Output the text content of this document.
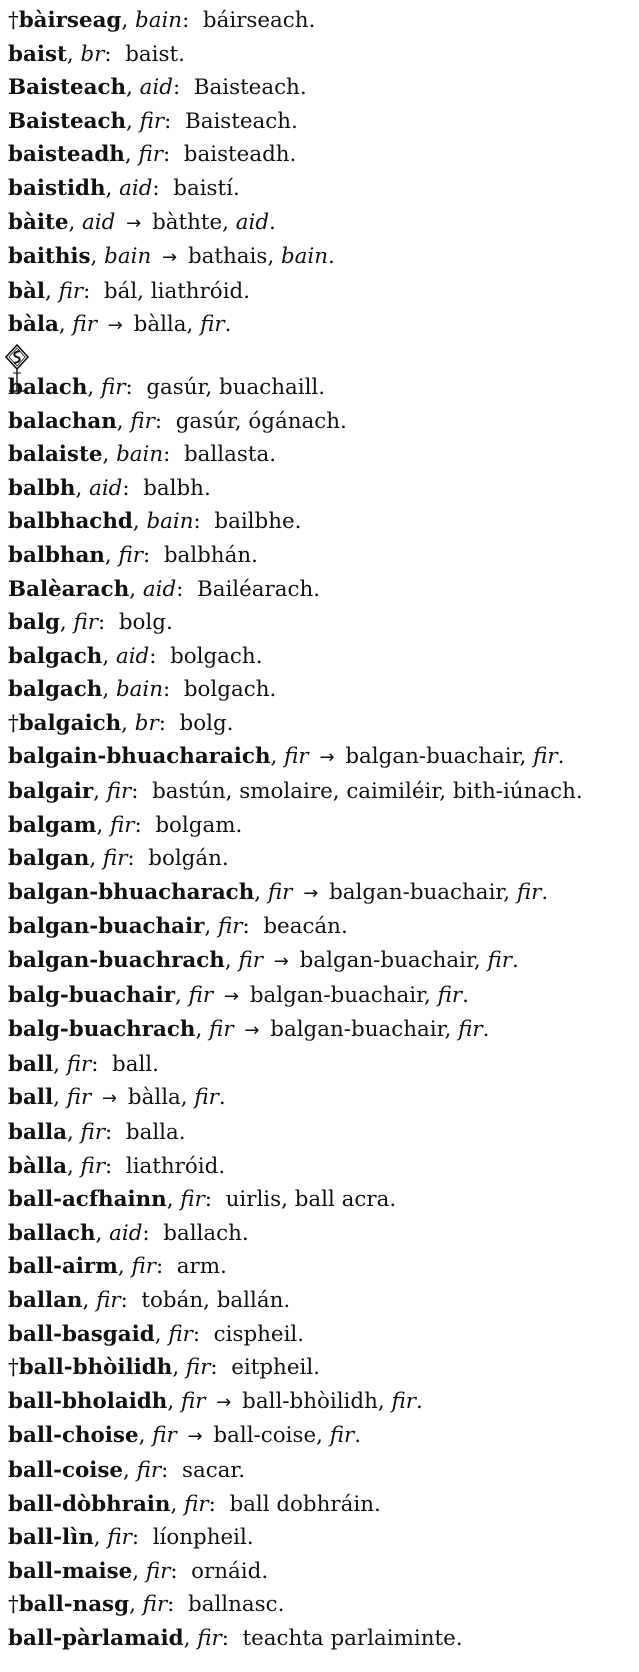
†bàirseag, bain: báirseach.
baist, br: baist.
Baisteach, aid: Baisteach.
Baisteach, fir: Baisteach.
baisteadh, fir: baisteadh.
baistidh, aid: baistí.
bàite, aid → bàthte, aid.
baithis, bain → bathais, bain.
bàl, fir: bál, liathróid.
bàla, fir → bàlla, fir.
balach, fir: gasúr, buachaill.
balachan, fir: gasúr, ógánach.
balaiste, bain: ballasta.
balbh, aid: balbh.
balbhachd, bain: bailbhe.
balbhan, fir: balbhán.
Balèarach, aid: Bailéarach.
balg, fir: bolg.
balgach, aid: bolgach.
balgach, bain: bolgach.
†balgaich, br: bolg.
balgain-bhuacharaich, fir → balgan-buachair, fir.
balgair, fir: bastún, smolaire, caimiléir, bith-iúnach.
balgam, fir: bolgam.
balgan, fir: bolgán.
balgan-bhuacharach, fir → balgan-buachair, fir.
balgan-buachair, fir: beacán.
balgan-buachrach, fir → balgan-buachair, fir.
balg-buachair, fir → balgan-buachair, fir.
balg-buachrach, fir → balgan-buachair, fir.
ball, fir: ball.
ball, fir → bàlla, fir.
balla, fir: balla.
bàlla, fir: liathróid.
ball-acfhainn, fir: uirlis, ball acra.
ballach, aid: ballach.
ball-airm, fir: arm.
ballan, fir: tobán, ballán.
ball-basgaid, fir: cispheil.
†ball-bhòilidh, fir: eitpheil.
ball-bholaidh, fir → ball-bhòilidh, fir.
ball-choise, fir → ball-coise, fir.
ball-coise, fir: sacar.
ball-dòbhrain, fir: ball dobhráin.
ball-lìn, fir: líonpheil.
ball-maise, fir: ornáid.
†ball-nasg, fir: ballnasc.
ball-pàrlamaid, fir: teachta parlaiminte.
